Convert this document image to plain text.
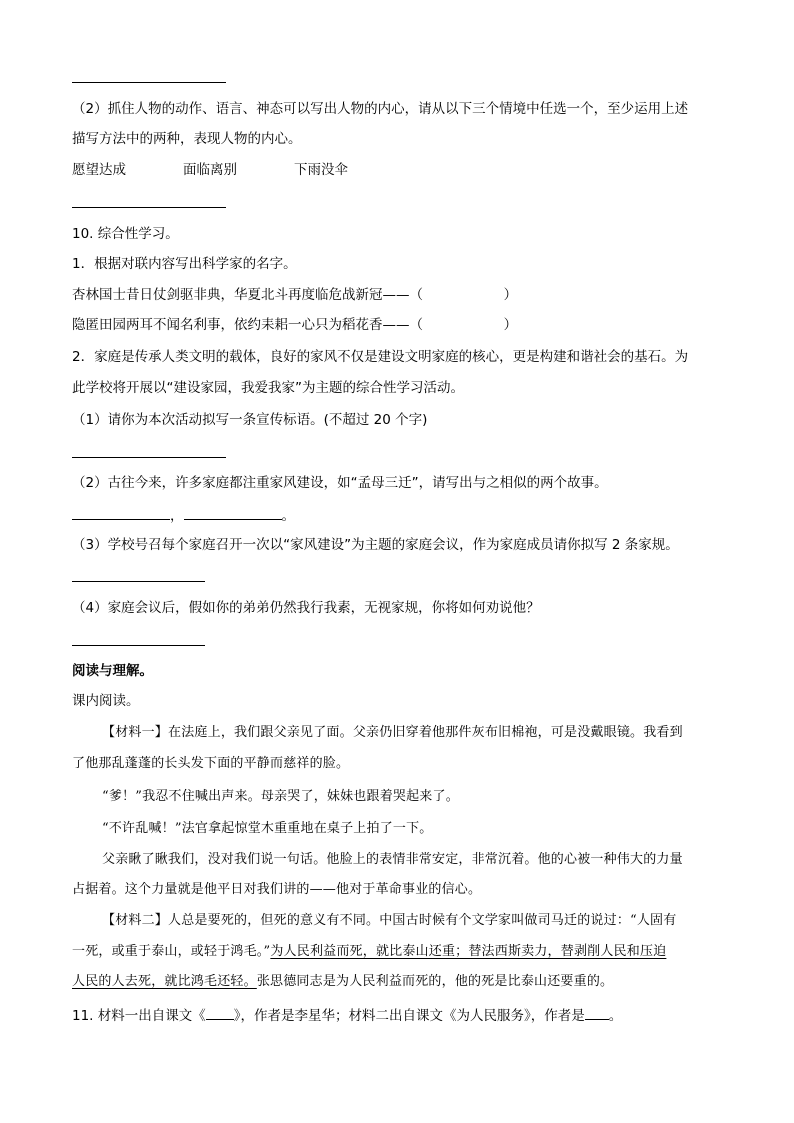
（2）抓住人物的动作、语言、神态可以写出人物的内心，请从以下三个情境中任选一个，至少运用上述
描写方法中的两种，表现人物的内心。
愿望达成	面临离别	下雨没伞
10. 综合性学习。
1．根据对联内容写出科学家的名字。
杏林国士昔日仗剑驱非典，华夏北斗再度临危战新冠——（	）
隐匿田园两耳不闻名利事，依约耒耜一心只为稻花香——（	）
2．家庭是传承人类文明的载体，良好的家风不仅是建设文明家庭的核心，更是构建和谐社会的基石。为
此学校将开展以“建设家园，我爱我家”为主题的综合性学习活动。
（1）请你为本次活动拟写一条宣传标语。(不超过 20 个字)
（2）古往今来，许多家庭都注重家风建设，如“孟母三迁”，请写出与之相似的两个故事。
，	。
（3）学校号召每个家庭召开一次以“家风建设”为主题的家庭会议，作为家庭成员请你拟写 2 条家规。
（4）家庭会议后，假如你的弟弟仍然我行我素，无视家规，你将如何劝说他？
阅读与理解。
课内阅读。
【材料一】在法庭上，我们跟父亲见了面。父亲仍旧穿着他那件灰布旧棉袍，可是没戴眼镜。我看到
了他那乱蓬蓬的长头发下面的平静而慈祥的脸。
“爹！”我忍不住喊出声来。母亲哭了，妹妹也跟着哭起来了。
“不许乱喊！”法官拿起惊堂木重重地在桌子上拍了一下。
父亲瞅了瞅我们，没对我们说一句话。他脸上的表情非常安定，非常沉着。他的心被一种伟大的力量
占据着。这个力量就是他平日对我们讲的——他对于革命事业的信心。
【材料二】人总是要死的，但死的意义有不同。中国古时候有个文学家叫做司马迁的说过：“人固有
一死，或重于泰山，或轻于鸿毛。”为人民利益而死，就比泰山还重；替法西斯卖力，替剥削人民和压迫
人民的人去死，就比鸿毛还轻。张思德同志是为人民利益而死的，他的死是比泰山还要重的。
11. 材料一出自课文《 》，作者是李星华；材料二出自课文《为人民服务》，作者是 。
